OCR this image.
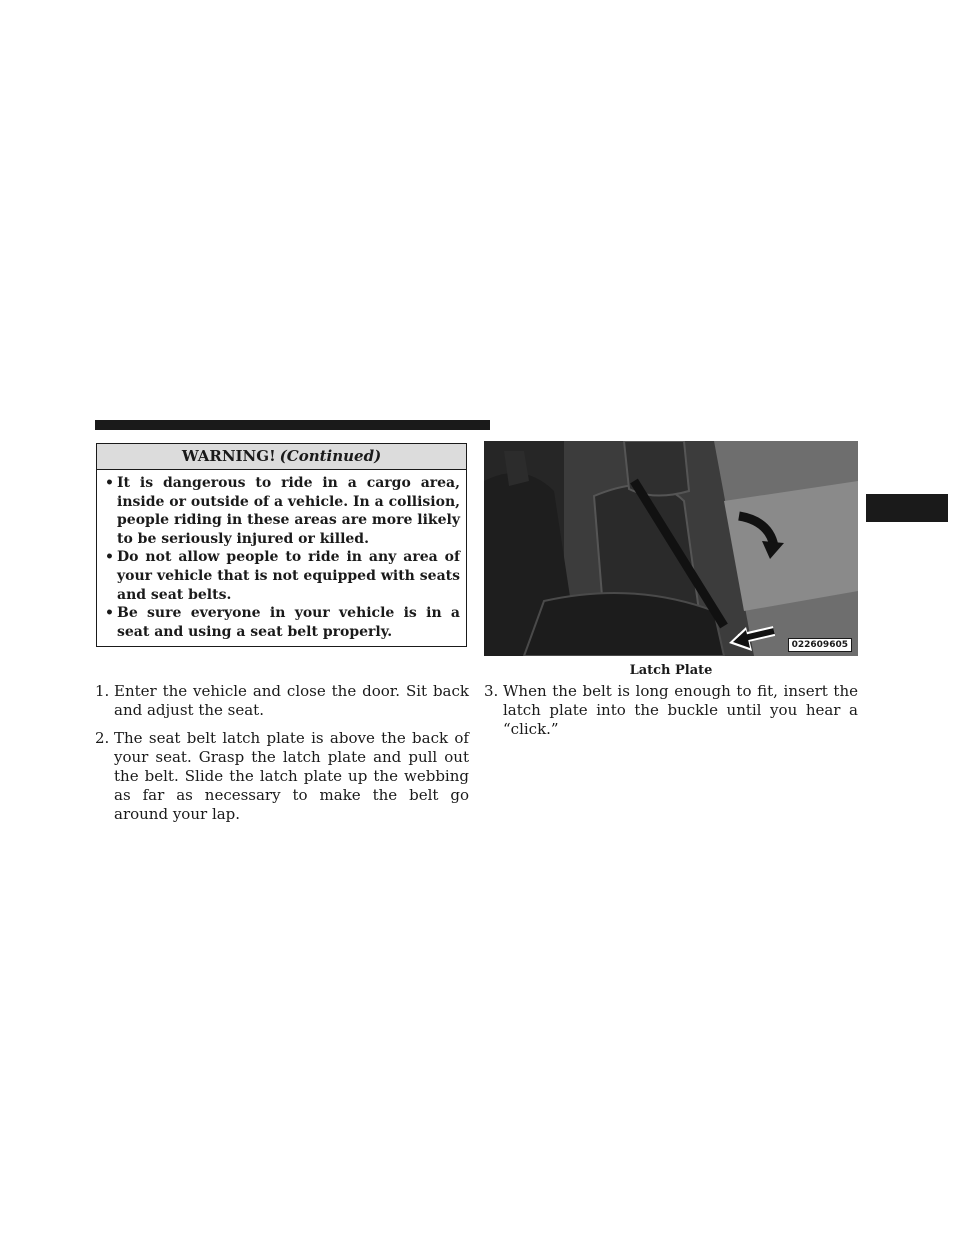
WARNING! (Continued)
• It is dangerous to ride in a cargo area, inside or outside of a vehicle. In a collision, people riding in these areas are more likely to be seriously injured or killed.
• Do not allow people to ride in any area of your vehicle that is not equipped with seats and seat belts.
• Be sure everyone in your vehicle is in a seat and using a seat belt properly.
1. Enter the vehicle and close the door. Sit back and adjust the seat.
2. The seat belt latch plate is above the back of your seat. Grasp the latch plate and pull out the belt. Slide the latch plate up the webbing as far as necessary to make the belt go around your lap.
3. When the belt is long enough to fit, insert the latch plate into the buckle until you hear a “click.”
022609605
Latch Plate
